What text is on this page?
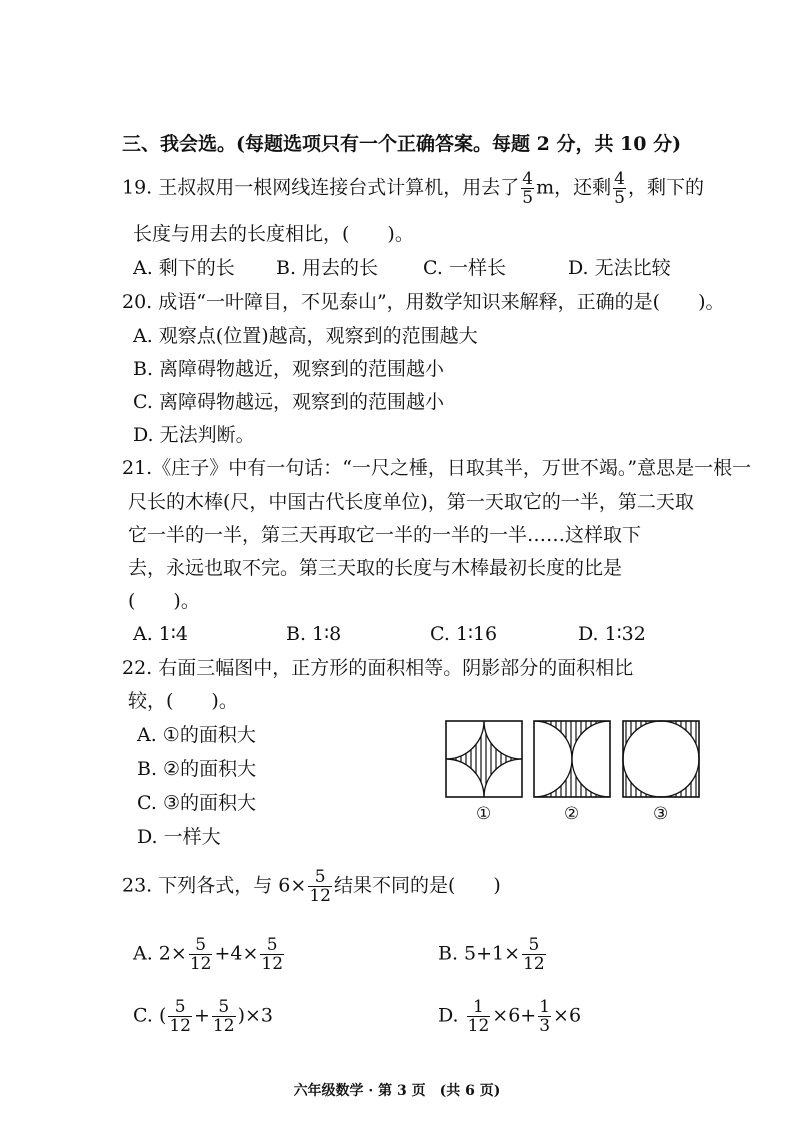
三、我会选。(每题选项只有一个正确答案。每题 2 分，共 10 分)
19. 王叔叔用一根网线连接台式计算机，用去了 $\frac{4}{5}$ m，还剩 $\frac{4}{5}$ ，剩下的
长度与用去的长度相比，(　　)。
A. 剩下的长 B. 用去的长 C. 一样长	D. 无法比较
20. 成语“一叶障目，不见泰山”，用数学知识来解释，正确的是(　　)。
A. 观察点(位置)越高，观察到的范围越大
B. 离障碍物越近，观察到的范围越小
C. 离障碍物越远，观察到的范围越小
D. 无法判断。
21.《庄子》中有一句话：“一尺之棰，日取其半，万世不竭。”意思是一根一
尺长的木棒(尺，中国古代长度单位)，第一天取它的一半，第二天取
它一半的一半，第三天再取它一半的一半的一半……这样取下
去，永远也取不完。第三天取的长度与木棒最初长度的比是
(　　)。
A. 1∶4	B. 1∶8	C. 1∶16	D. 1∶32
22. 右面三幅图中，正方形的面积相等。阴影部分的面积相比
较，(　　)。
A. ①的面积大
B. ②的面积大
C. ③的面积大
D. 一样大
①	②	③
23. 下列各式，与 $6\times \frac{5}{12}$ 结果不同的是(　　)
A. $2\times \frac{5}{12} +4\times \frac{5}{12}$	B. $5+1\times \frac{5}{12}$
C. ( $\frac{5}{12} + \frac{5}{12} )\times 3$	D. $\frac{1}{12} \times 6+ \frac{1}{3} \times 6$
六年级数学 · 第 3 页　(共 6 页)
